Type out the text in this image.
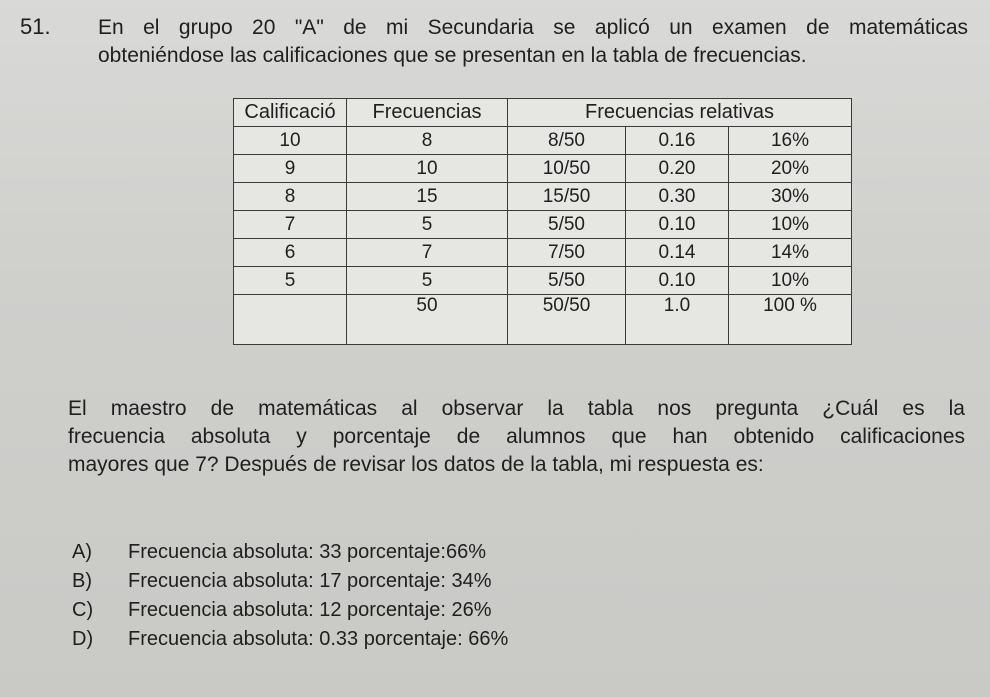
51. En el grupo 20 "A" de mi Secundaria se aplicó un examen de matemáticas
obteniéndose las calificaciones que se presentan en la tabla de frecuencias.
Calificació	Frecuencias	Frecuencias relativas		
10	8	8/50	0.16	16%
9	10	10/50	0.20	20%
8	15	15/50	0.30	30%
7	5	5/50	0.10	10%
6	7	7/50	0.14	14%
5	5	5/50	0.10	10%
	50	50/50	1.0	100 %
El maestro de matemáticas al observar la tabla nos pregunta ¿Cuál es la
frecuencia absoluta y porcentaje de alumnos que han obtenido calificaciones
mayores que 7? Después de revisar los datos de la tabla, mi respuesta es:
A)	Frecuencia absoluta: 33 porcentaje:66%
B)	Frecuencia absoluta: 17 porcentaje: 34%
C)	Frecuencia absoluta: 12 porcentaje: 26%
D)	Frecuencia absoluta: 0.33 porcentaje: 66%
